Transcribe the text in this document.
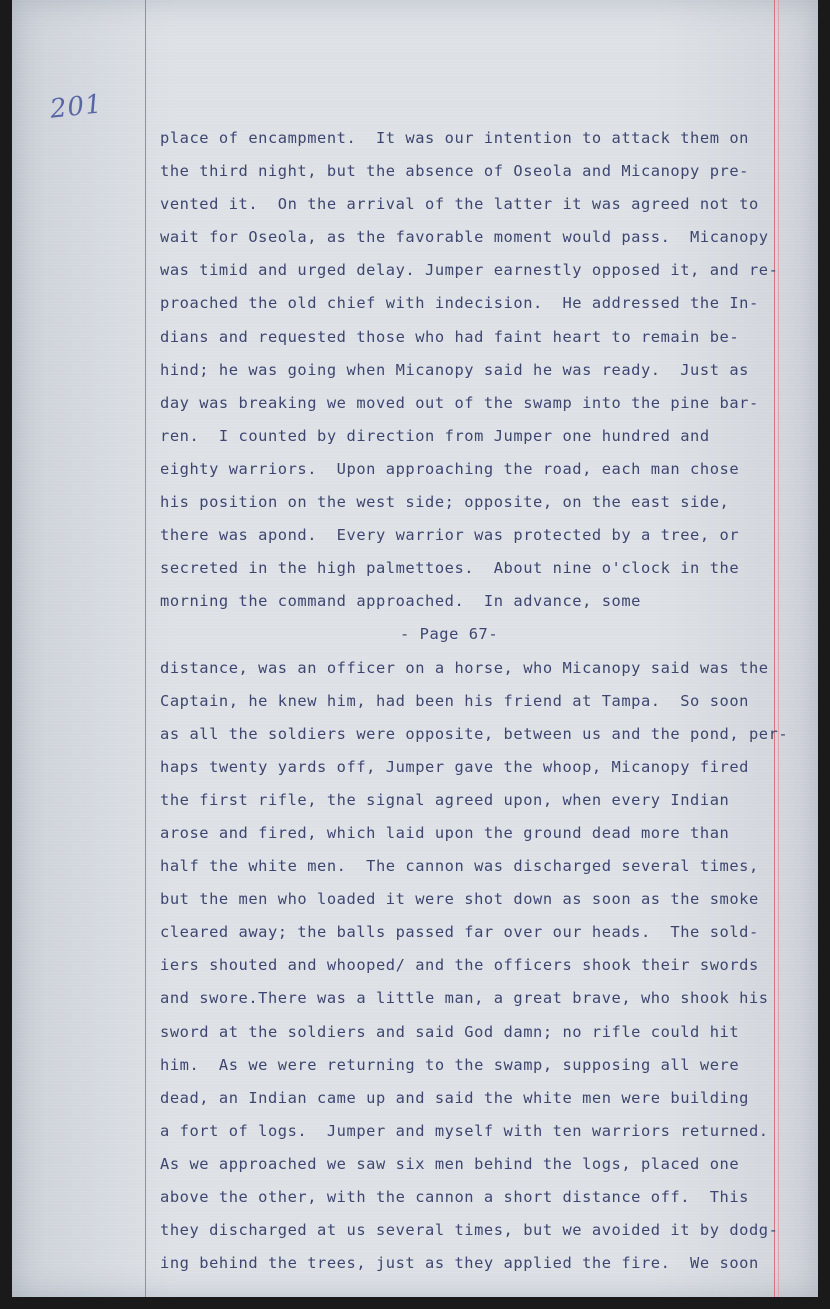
201
place of encampment.  It was our intention to attack them on
the third night, but the absence of Oseola and Micanopy pre-
vented it.  On the arrival of the latter it was agreed not to
wait for Oseola, as the favorable moment would pass.  Micanopy
was timid and urged delay. Jumper earnestly opposed it, and re-
proached the old chief with indecision.  He addressed the In-
dians and requested those who had faint heart to remain be-
hind; he was going when Micanopy said he was ready.  Just as
day was breaking we moved out of the swamp into the pine bar-
ren.  I counted by direction from Jumper one hundred and
eighty warriors.  Upon approaching the road, each man chose
his position on the west side; opposite, on the east side,
there was apond.  Every warrior was protected by a tree, or
secreted in the high palmettoes.  About nine o'clock in the
morning the command approached.  In advance, some
- Page 67-
distance, was an officer on a horse, who Micanopy said was the
Captain, he knew him, had been his friend at Tampa.  So soon
as all the soldiers were opposite, between us and the pond, per-
haps twenty yards off, Jumper gave the whoop, Micanopy fired
the first rifle, the signal agreed upon, when every Indian
arose and fired, which laid upon the ground dead more than
half the white men.  The cannon was discharged several times,
but the men who loaded it were shot down as soon as the smoke
cleared away; the balls passed far over our heads.  The sold-
iers shouted and whooped/ and the officers shook their swords
and swore.There was a little man, a great brave, who shook his
sword at the soldiers and said God damn; no rifle could hit
him.  As we were returning to the swamp, supposing all were
dead, an Indian came up and said the white men were building
a fort of logs.  Jumper and myself with ten warriors returned.
As we approached we saw six men behind the logs, placed one
above the other, with the cannon a short distance off.  This
they discharged at us several times, but we avoided it by dodg-
ing behind the trees, just as they applied the fire.  We soon
